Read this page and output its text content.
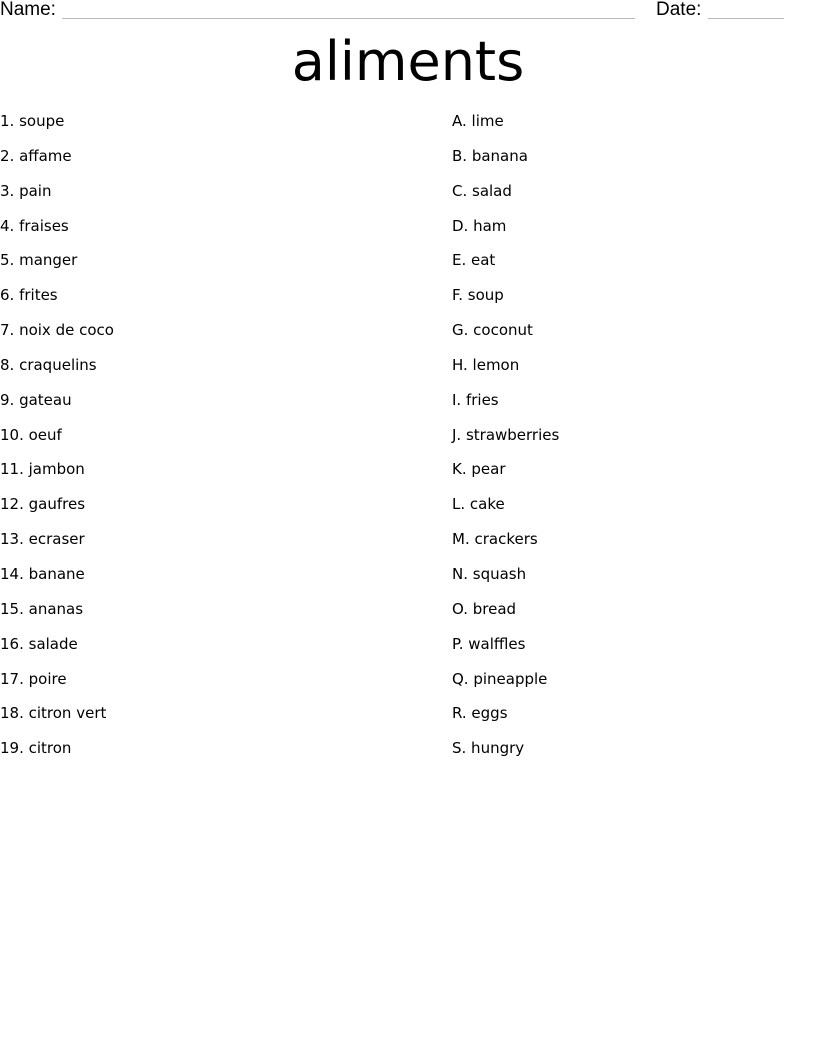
Name:	Date:
aliments
1. soupe
2. affame
3. pain
4. fraises
5. manger
6. frites
7. noix de coco
8. craquelins
9. gateau
10. oeuf
11. jambon
12. gaufres
13. ecraser
14. banane
15. ananas
16. salade
17. poire
18. citron vert
19. citron
A. lime
B. banana
C. salad
D. ham
E. eat
F. soup
G. coconut
H. lemon
I. fries
J. strawberries
K. pear
L. cake
M. crackers
N. squash
O. bread
P. walffles
Q. pineapple
R. eggs
S. hungry
